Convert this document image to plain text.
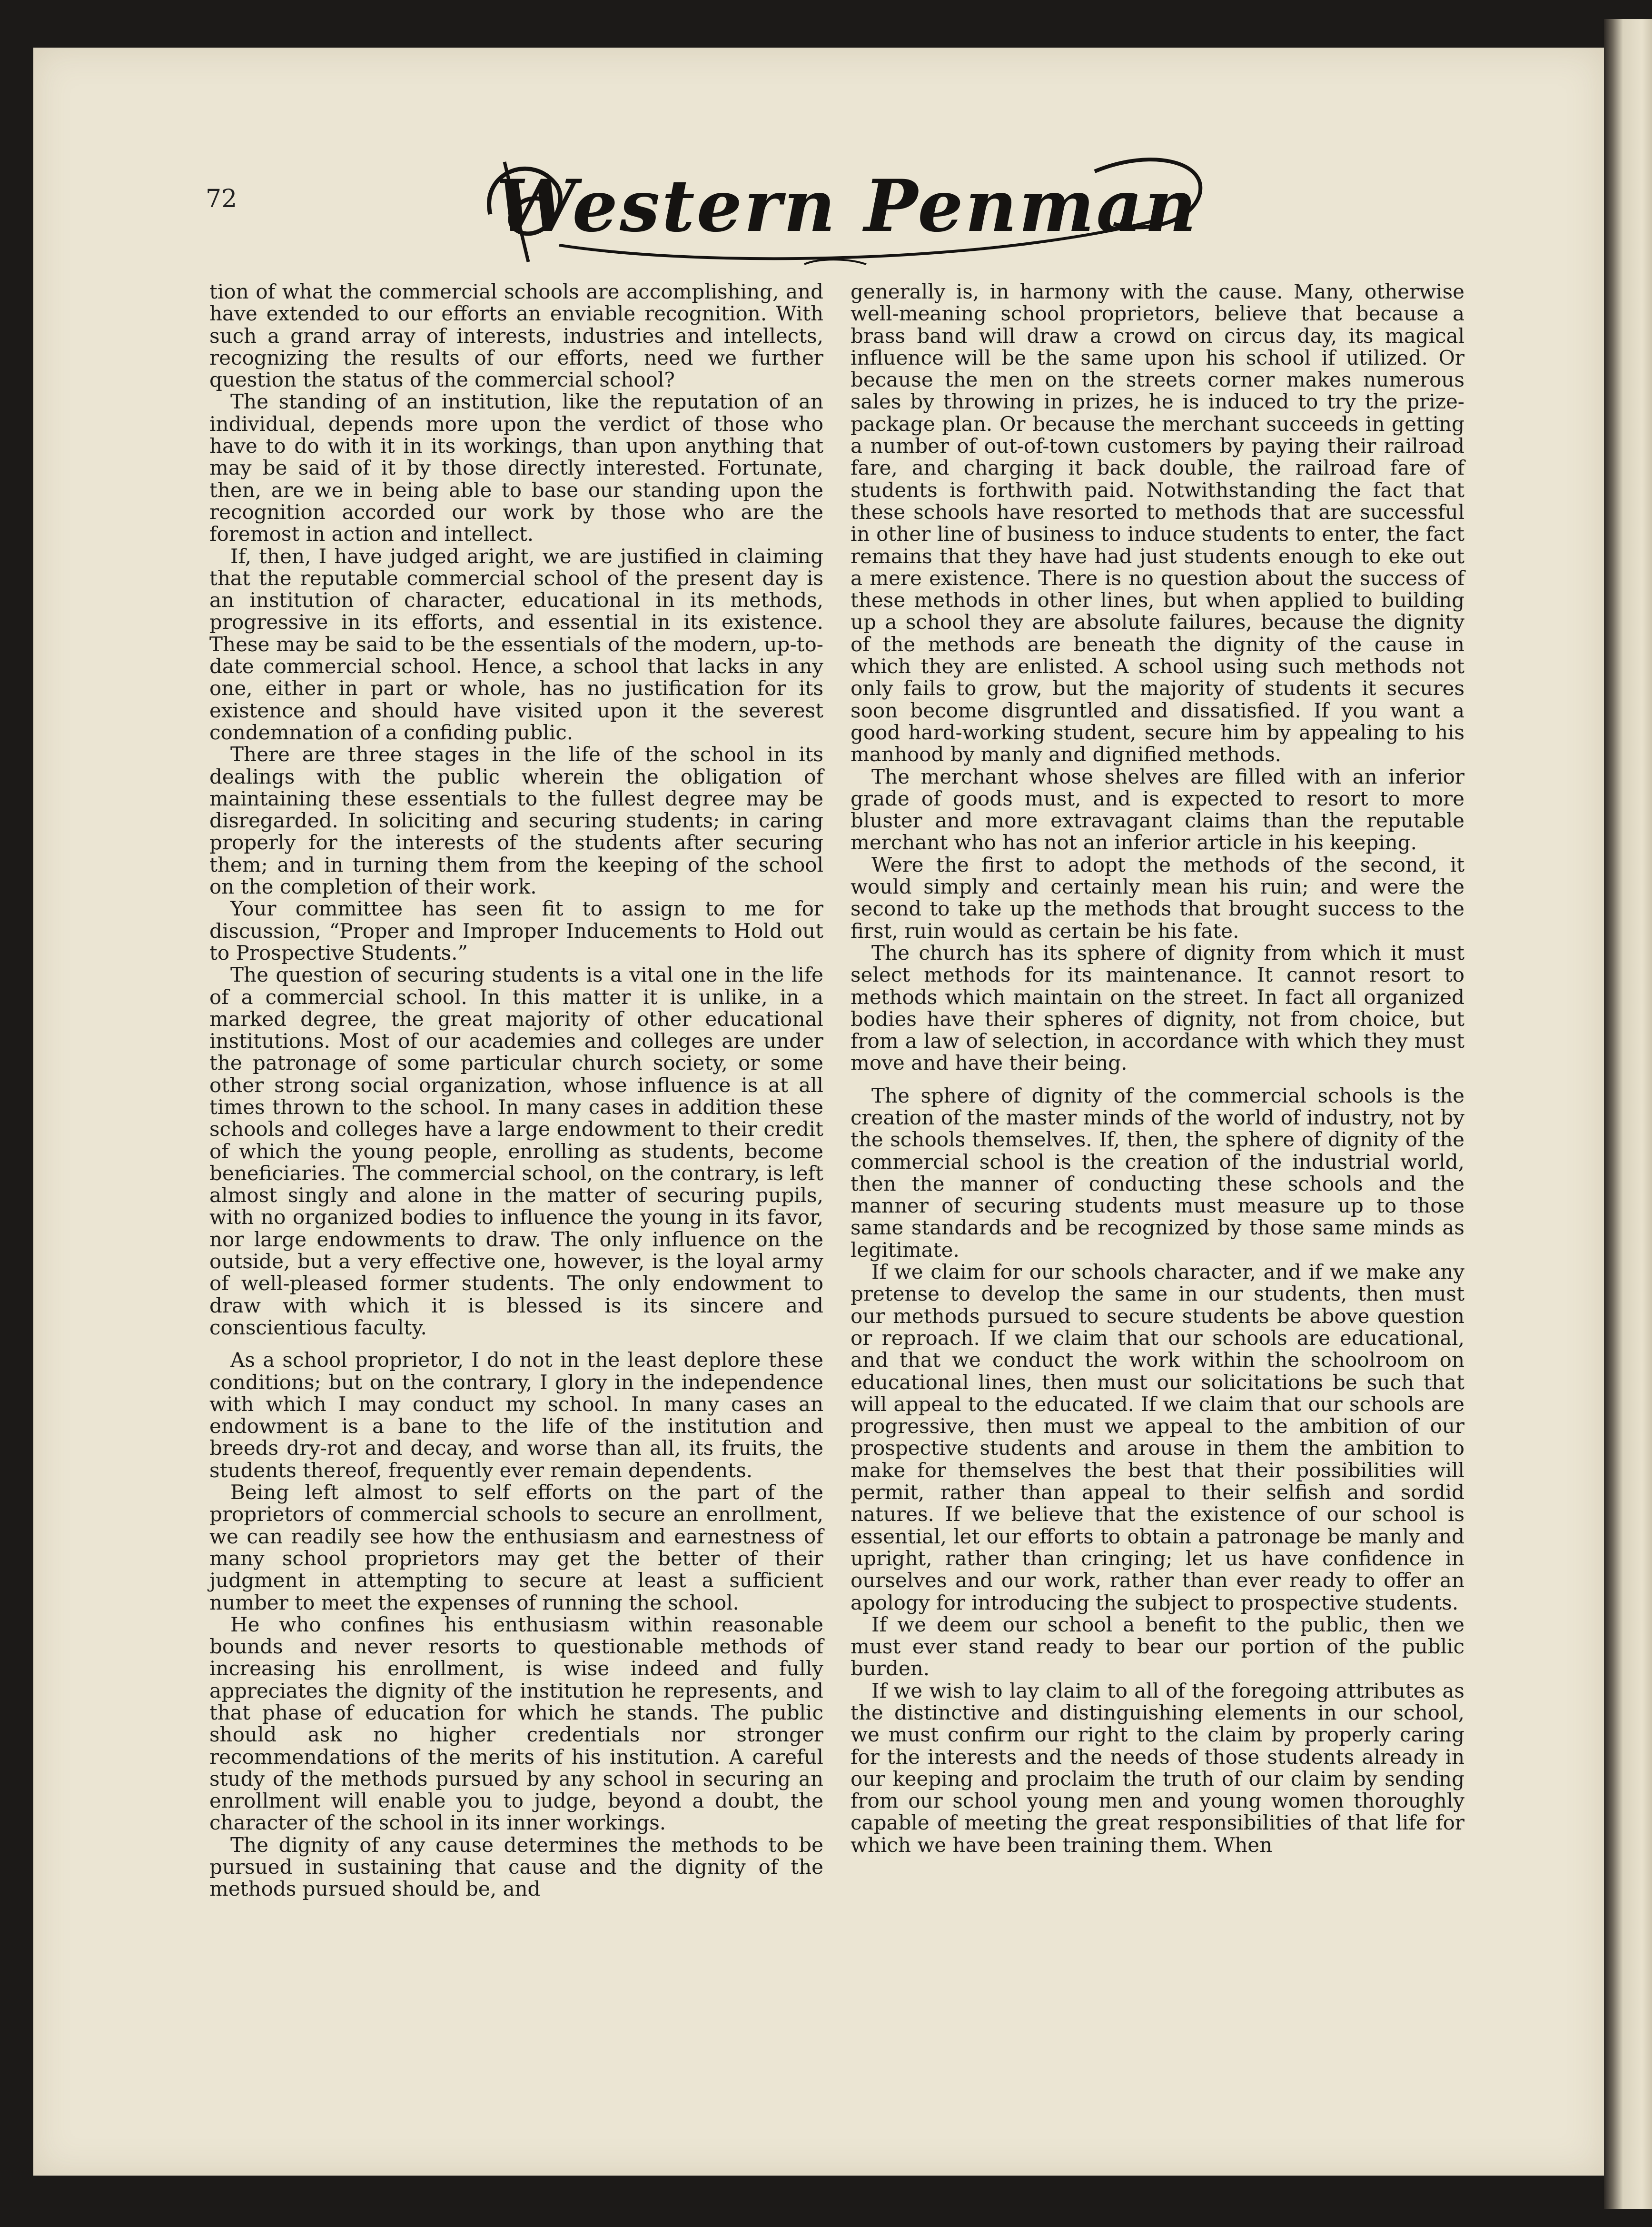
72	Western Penman

tion of what the commercial schools are accomplishing, and have extended to our efforts an enviable recognition. With such a grand array of interests, industries and intellects, recognizing the results of our efforts, need we further question the status of the commercial school?

The standing of an institution, like the reputation of an individual, depends more upon the verdict of those who have to do with it in its workings, than upon anything that may be said of it by those directly interested. Fortunate, then, are we in being able to base our standing upon the recognition accorded our work by those who are the foremost in action and intellect.

If, then, I have judged aright, we are justified in claiming that the reputable commercial school of the present day is an institution of character, educational in its methods, progressive in its efforts, and essential in its existence. These may be said to be the essentials of the modern, up-to-date commercial school. Hence, a school that lacks in any one, either in part or whole, has no justification for its existence and should have visited upon it the severest condemnation of a confiding public.

There are three stages in the life of the school in its dealings with the public wherein the obligation of maintaining these essentials to the fullest degree may be disregarded. In soliciting and securing students; in caring properly for the interests of the students after securing them; and in turning them from the keeping of the school on the completion of their work.

Your committee has seen fit to assign to me for discussion, “Proper and Improper Inducements to Hold out to Prospective Students.”

The question of securing students is a vital one in the life of a commercial school. In this matter it is unlike, in a marked degree, the great majority of other educational institutions. Most of our academies and colleges are under the patronage of some particular church society, or some other strong social organization, whose influence is at all times thrown to the school. In many cases in addition these schools and colleges have a large endowment to their credit of which the young people, enrolling as students, become beneficiaries. The commercial school, on the contrary, is left almost singly and alone in the matter of securing pupils, with no organized bodies to influence the young in its favor, nor large endowments to draw. The only influence on the outside, but a very effective one, however, is the loyal army of well-pleased former students. The only endowment to draw with which it is blessed is its sincere and conscientious faculty.

As a school proprietor, I do not in the least deplore these conditions; but on the contrary, I glory in the independence with which I may conduct my school. In many cases an endowment is a bane to the life of the institution and breeds dry-rot and decay, and worse than all, its fruits, the students thereof, frequently ever remain dependents.

Being left almost to self efforts on the part of the proprietors of commercial schools to secure an enrollment, we can readily see how the enthusiasm and earnestness of many school proprietors may get the better of their judgment in attempting to secure at least a sufficient number to meet the expenses of running the school.

He who confines his enthusiasm within reasonable bounds and never resorts to questionable methods of increasing his enrollment, is wise indeed and fully appreciates the dignity of the institution he represents, and that phase of education for which he stands. The public should ask no higher credentials nor stronger recommendations of the merits of his institution. A careful study of the methods pursued by any school in securing an enrollment will enable you to judge, beyond a doubt, the character of the school in its inner workings.

The dignity of any cause determines the methods to be pursued in sustaining that cause and the dignity of the methods pursued should be, and

generally is, in harmony with the cause. Many, otherwise well-meaning school proprietors, believe that because a brass band will draw a crowd on circus day, its magical influence will be the same upon his school if utilized. Or because the men on the streets corner makes numerous sales by throwing in prizes, he is induced to try the prize-package plan. Or because the merchant succeeds in getting a number of out-of-town customers by paying their railroad fare, and charging it back double, the railroad fare of students is forthwith paid. Notwithstanding the fact that these schools have resorted to methods that are successful in other line of business to induce students to enter, the fact remains that they have had just students enough to eke out a mere existence. There is no question about the success of these methods in other lines, but when applied to building up a school they are absolute failures, because the dignity of the methods are beneath the dignity of the cause in which they are enlisted. A school using such methods not only fails to grow, but the majority of students it secures soon become disgruntled and dissatisfied. If you want a good hard-working student, secure him by appealing to his manhood by manly and dignified methods.

The merchant whose shelves are filled with an inferior grade of goods must, and is expected to resort to more bluster and more extravagant claims than the reputable merchant who has not an inferior article in his keeping.

Were the first to adopt the methods of the second, it would simply and certainly mean his ruin; and were the second to take up the methods that brought success to the first, ruin would as certain be his fate.

The church has its sphere of dignity from which it must select methods for its maintenance. It cannot resort to methods which maintain on the street. In fact all organized bodies have their spheres of dignity, not from choice, but from a law of selection, in accordance with which they must move and have their being.

The sphere of dignity of the commercial schools is the creation of the master minds of the world of industry, not by the schools themselves. If, then, the sphere of dignity of the commercial school is the creation of the industrial world, then the manner of conducting these schools and the manner of securing students must measure up to those same standards and be recognized by those same minds as legitimate.

If we claim for our schools character, and if we make any pretense to develop the same in our students, then must our methods pursued to secure students be above question or reproach. If we claim that our schools are educational, and that we conduct the work within the schoolroom on educational lines, then must our solicitations be such that will appeal to the educated. If we claim that our schools are progressive, then must we appeal to the ambition of our prospective students and arouse in them the ambition to make for themselves the best that their possibilities will permit, rather than appeal to their selfish and sordid natures. If we believe that the existence of our school is essential, let our efforts to obtain a patronage be manly and upright, rather than cringing; let us have confidence in ourselves and our work, rather than ever ready to offer an apology for introducing the subject to prospective students.

If we deem our school a benefit to the public, then we must ever stand ready to bear our portion of the public burden.

If we wish to lay claim to all of the foregoing attributes as the distinctive and distinguishing elements in our school, we must confirm our right to the claim by properly caring for the interests and the needs of those students already in our keeping and proclaim the truth of our claim by sending from our school young men and young women thoroughly capable of meeting the great responsibilities of that life for which we have been training them. When
